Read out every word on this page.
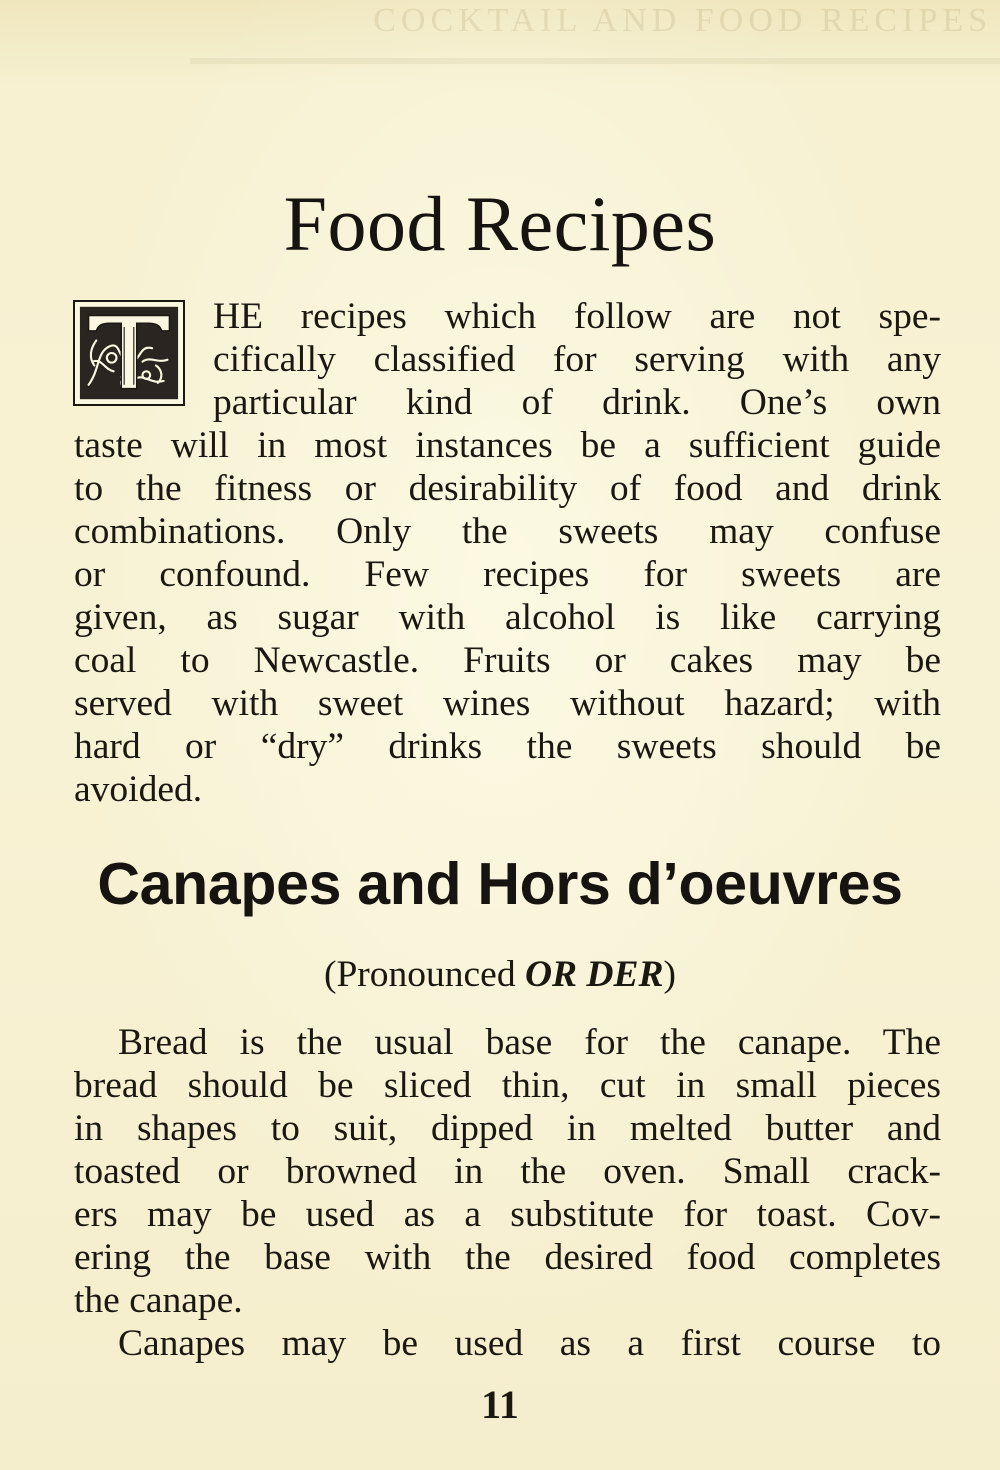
COCKTAIL AND FOOD RECIPES
Food Recipes
HE recipes which follow are not spe-
cifically classified for serving with any
particular kind of drink. One’s own
taste will in most instances be a sufficient guide
to the fitness or desirability of food and drink
combinations. Only the sweets may confuse
or confound. Few recipes for sweets are
given, as sugar with alcohol is like carrying
coal to Newcastle. Fruits or cakes may be
served with sweet wines without hazard; with
hard or “dry” drinks the sweets should be
avoided.
Canapes and Hors d’oeuvres
(Pronounced OR DER)
Bread is the usual base for the canape. The
bread should be sliced thin, cut in small pieces
in shapes to suit, dipped in melted butter and
toasted or browned in the oven. Small crack-
ers may be used as a substitute for toast. Cov-
ering the base with the desired food completes
the canape.
Canapes may be used as a first course to
11
